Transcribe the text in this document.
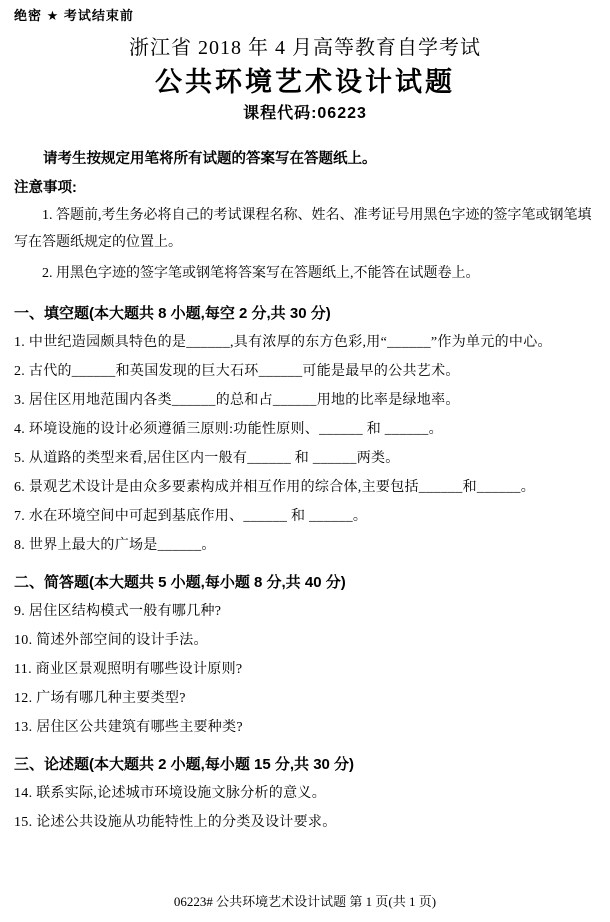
绝密 ★ 考试结束前
浙江省 2018 年 4 月高等教育自学考试
公共环境艺术设计试题
课程代码:06223

请考生按规定用笔将所有试题的答案写在答题纸上。

注意事项:

1. 答题前,考生务必将自己的考试课程名称、姓名、准考证号用黑色字迹的签字笔或钢笔填写在答题纸规定的位置上。

2. 用黑色字迹的签字笔或钢笔将答案写在答题纸上,不能答在试题卷上。

一、填空题(本大题共 8 小题,每空 2 分,共 30 分)

1. 中世纪造园颇具特色的是______,具有浓厚的东方色彩,用“______”作为单元的中心。

2. 古代的______和英国发现的巨大石环______可能是最早的公共艺术。

3. 居住区用地范围内各类______的总和占______用地的比率是绿地率。

4. 环境设施的设计必须遵循三原则:功能性原则、______ 和 ______。

5. 从道路的类型来看,居住区内一般有______ 和 ______两类。

6. 景观艺术设计是由众多要素构成并相互作用的综合体,主要包括______和______。

7. 水在环境空间中可起到基底作用、______ 和 ______。

8. 世界上最大的广场是______。

二、简答题(本大题共 5 小题,每小题 8 分,共 40 分)

9. 居住区结构模式一般有哪几种?

10. 简述外部空间的设计手法。

11. 商业区景观照明有哪些设计原则?

12. 广场有哪几种主要类型?

13. 居住区公共建筑有哪些主要种类?

三、论述题(本大题共 2 小题,每小题 15 分,共 30 分)

14. 联系实际,论述城市环境设施文脉分析的意义。

15. 论述公共设施从功能特性上的分类及设计要求。

06223# 公共环境艺术设计试题 第 1 页(共 1 页)
